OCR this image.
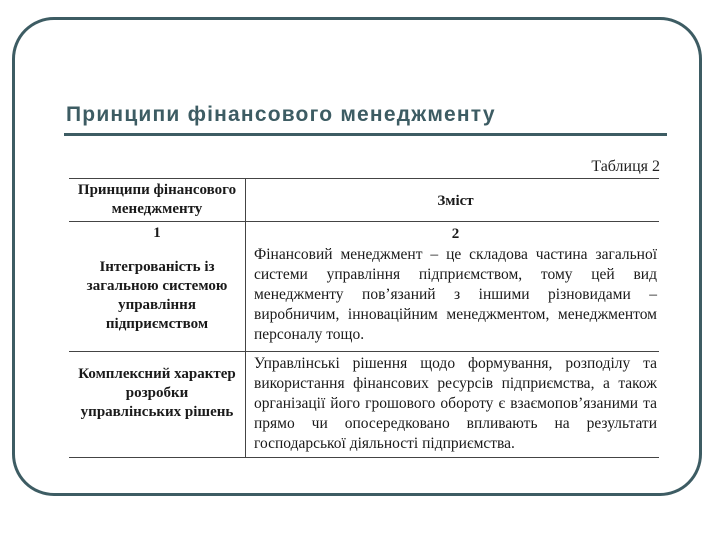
Принципи фінансового менеджменту
Таблиця 2
Принципи фінансового менеджменту	Зміст
1	2
Інтегрованість із загальною системою управління підприємством
Фінансовий менеджмент – це складова частина загальної системи управління підприємством, тому цей вид менеджменту пов’язаний з іншими різновидами – виробничим, інноваційним менеджментом, менеджментом персоналу тощо.
Комплексний характер розробки управлінських рішень
Управлінські рішення щодо формування, розподілу та використання фінансових ресурсів підприємства, а також організації його грошового обороту є взаємопов’язаними та прямо чи опосередковано впливають на результати господарської діяльності підприємства.
